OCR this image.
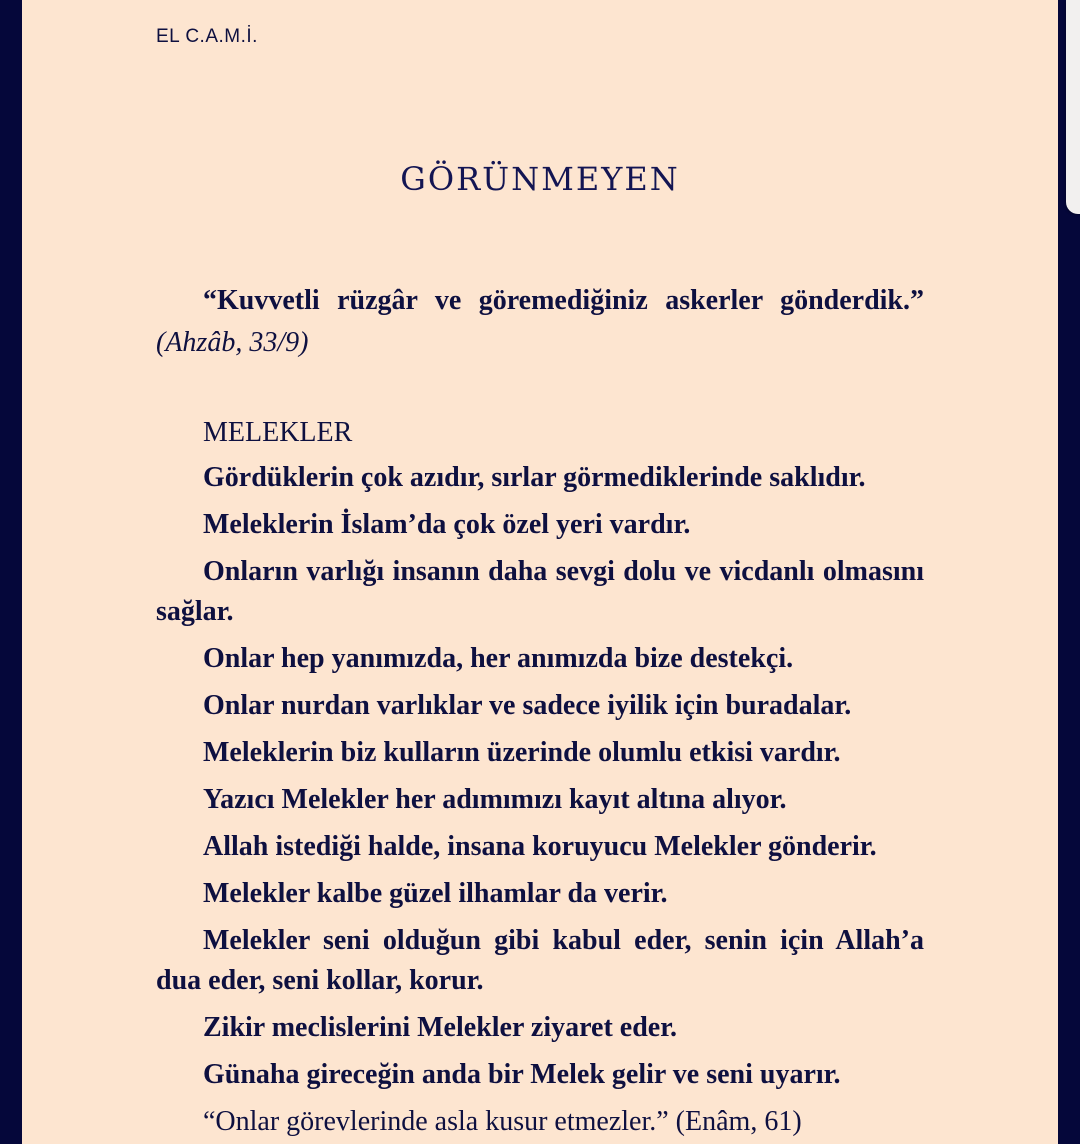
EL C.A.M.İ.
GÖRÜNMEYEN
“Kuvvetli rüzgâr ve göremediğiniz askerler gönderdik.” (Ahzâb, 33/9)
MELEKLER

Gördüklerin çok azıdır, sırlar görmediklerinde saklıdır.

Meleklerin İslam’da çok özel yeri vardır.

Onların varlığı insanın daha sevgi dolu ve vicdanlı olmasını sağlar.

Onlar hep yanımızda, her anımızda bize destekçi.

Onlar nurdan varlıklar ve sadece iyilik için buradalar.

Meleklerin biz kulların üzerinde olumlu etkisi vardır.

Yazıcı Melekler her adımımızı kayıt altına alıyor.

Allah istediği halde, insana koruyucu Melekler gönderir.

Melekler kalbe güzel ilhamlar da verir.

Melekler seni olduğun gibi kabul eder, senin için Allah’a dua eder, seni kollar, korur.

Zikir meclislerini Melekler ziyaret eder.

Günaha gireceğin anda bir Melek gelir ve seni uyarır.

“Onlar görevlerinde asla kusur etmezler.” (Enâm, 61)
